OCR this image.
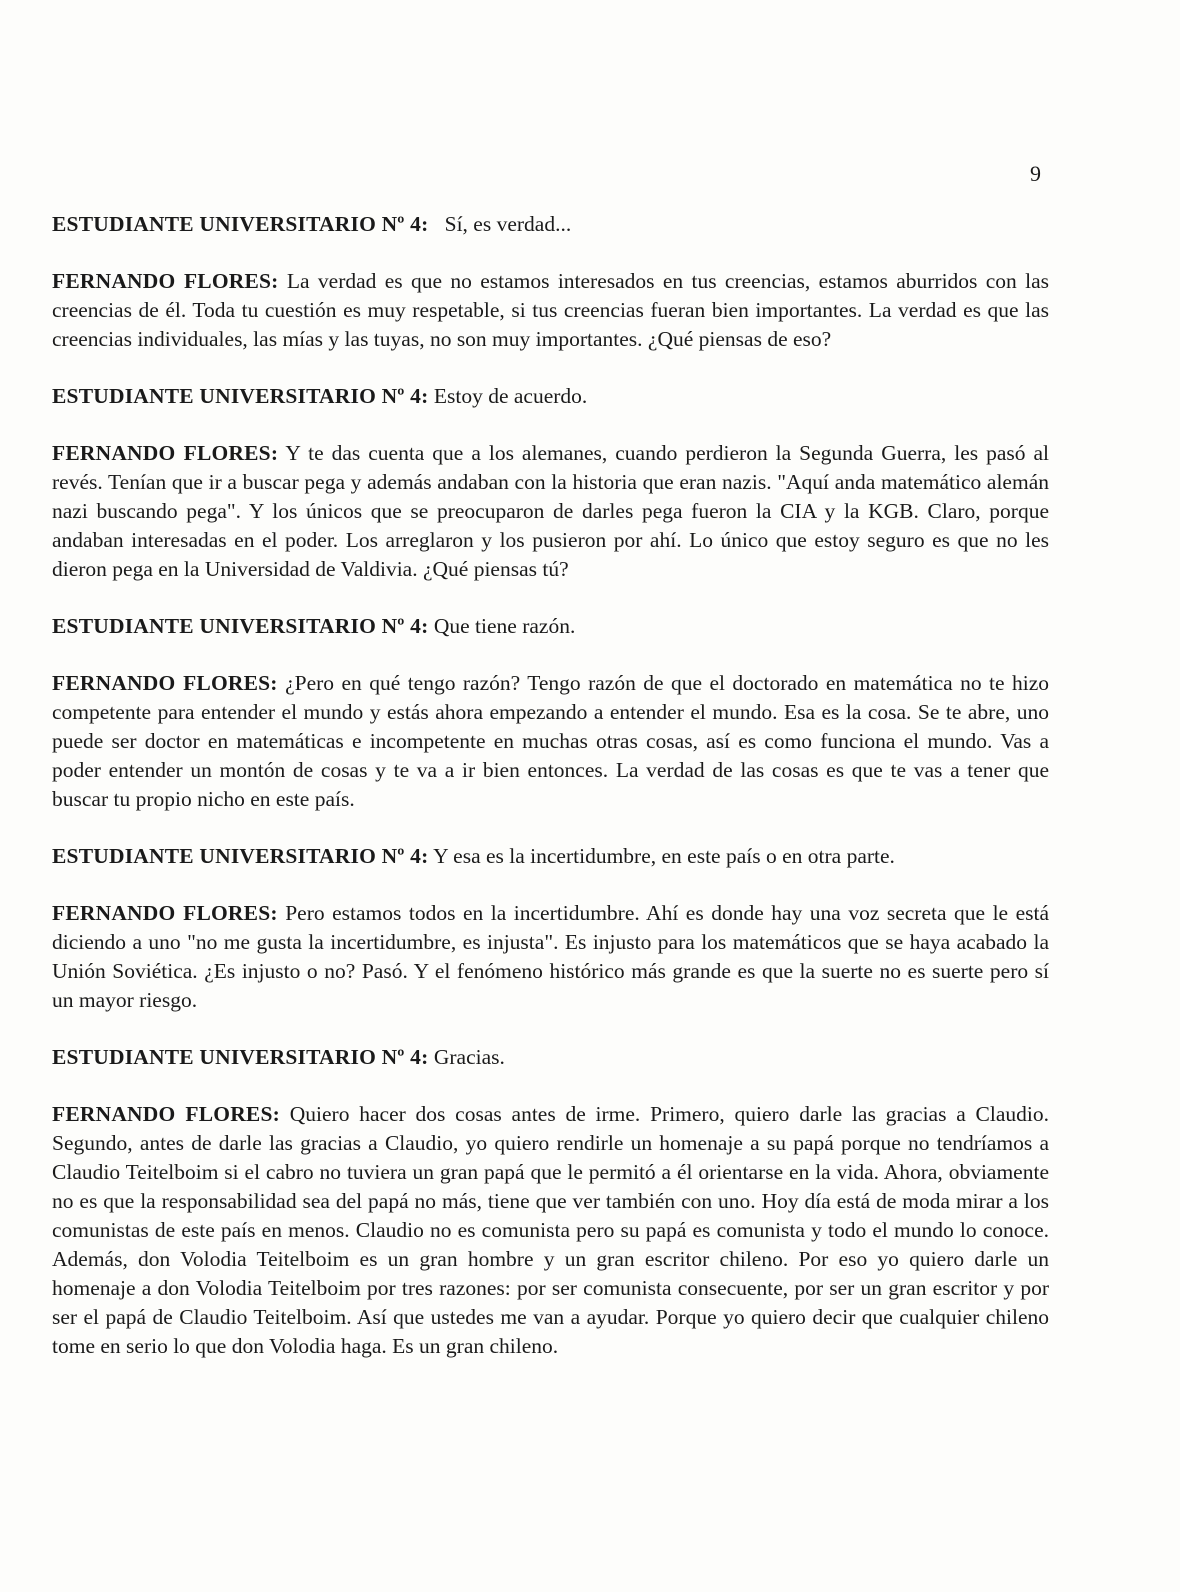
9

ESTUDIANTE UNIVERSITARIO Nº 4: Sí, es verdad...

FERNANDO FLORES: La verdad es que no estamos interesados en tus creencias, estamos aburridos con las creencias de él. Toda tu cuestión es muy respetable, si tus creencias fueran bien importantes. La verdad es que las creencias individuales, las mías y las tuyas, no son muy importantes. ¿Qué piensas de eso?

ESTUDIANTE UNIVERSITARIO Nº 4: Estoy de acuerdo.

FERNANDO FLORES: Y te das cuenta que a los alemanes, cuando perdieron la Segunda Guerra, les pasó al revés. Tenían que ir a buscar pega y además andaban con la historia que eran nazis. "Aquí anda matemático alemán nazi buscando pega". Y los únicos que se preocuparon de darles pega fueron la CIA y la KGB. Claro, porque andaban interesadas en el poder. Los arreglaron y los pusieron por ahí. Lo único que estoy seguro es que no les dieron pega en la Universidad de Valdivia. ¿Qué piensas tú?

ESTUDIANTE UNIVERSITARIO Nº 4: Que tiene razón.

FERNANDO FLORES: ¿Pero en qué tengo razón? Tengo razón de que el doctorado en matemática no te hizo competente para entender el mundo y estás ahora empezando a entender el mundo. Esa es la cosa. Se te abre, uno puede ser doctor en matemáticas e incompetente en muchas otras cosas, así es como funciona el mundo. Vas a poder entender un montón de cosas y te va a ir bien entonces. La verdad de las cosas es que te vas a tener que buscar tu propio nicho en este país.

ESTUDIANTE UNIVERSITARIO Nº 4: Y esa es la incertidumbre, en este país o en otra parte.

FERNANDO FLORES: Pero estamos todos en la incertidumbre. Ahí es donde hay una voz secreta que le está diciendo a uno "no me gusta la incertidumbre, es injusta". Es injusto para los matemáticos que se haya acabado la Unión Soviética. ¿Es injusto o no? Pasó. Y el fenómeno histórico más grande es que la suerte no es suerte pero sí un mayor riesgo.

ESTUDIANTE UNIVERSITARIO Nº 4: Gracias.

FERNANDO FLORES: Quiero hacer dos cosas antes de irme. Primero, quiero darle las gracias a Claudio. Segundo, antes de darle las gracias a Claudio, yo quiero rendirle un homenaje a su papá porque no tendríamos a Claudio Teitelboim si el cabro no tuviera un gran papá que le permitó a él orientarse en la vida. Ahora, obviamente no es que la responsabilidad sea del papá no más, tiene que ver también con uno. Hoy día está de moda mirar a los comunistas de este país en menos. Claudio no es comunista pero su papá es comunista y todo el mundo lo conoce. Además, don Volodia Teitelboim es un gran hombre y un gran escritor chileno. Por eso yo quiero darle un homenaje a don Volodia Teitelboim por tres razones: por ser comunista consecuente, por ser un gran escritor y por ser el papá de Claudio Teitelboim. Así que ustedes me van a ayudar. Porque yo quiero decir que cualquier chileno tome en serio lo que don Volodia haga. Es un gran chileno.
